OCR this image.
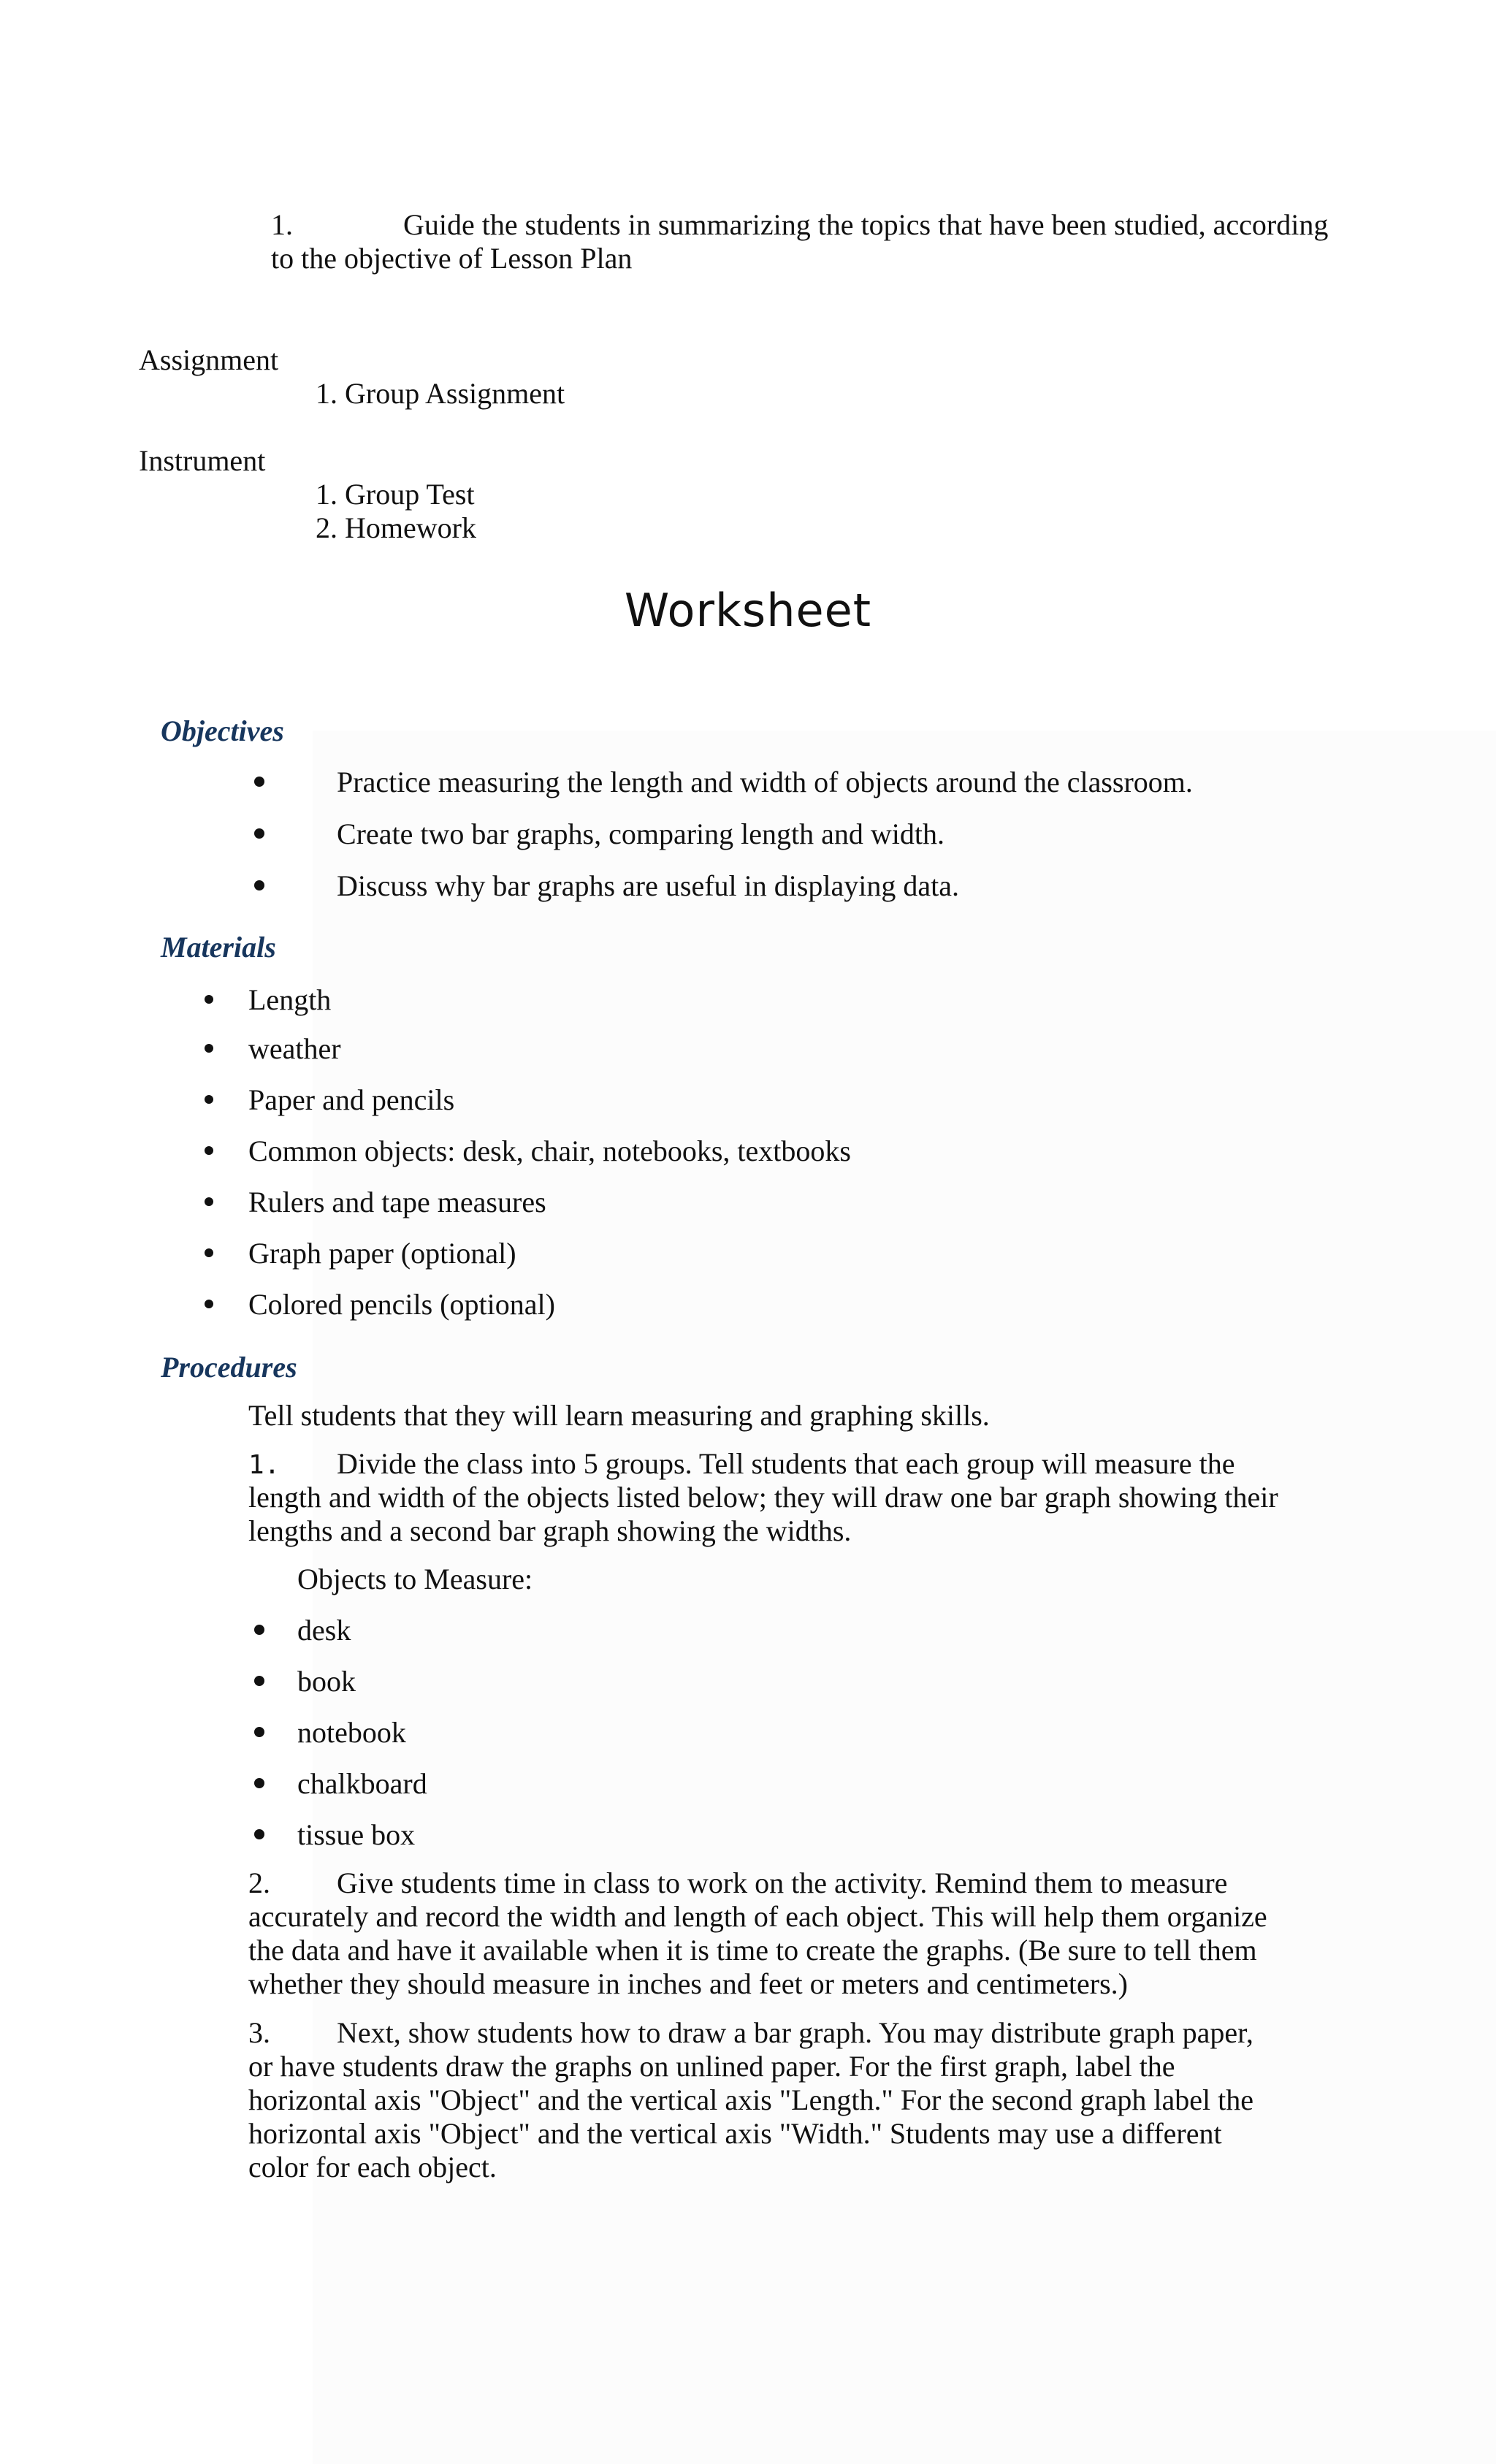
1.	Guide the students in summarizing the topics that have been studied, according
to the objective of Lesson Plan
Assignment
1. Group Assignment
Instrument
1. Group Test
2. Homework
Worksheet
Objectives
Practice measuring the length and width of objects around the classroom.
Create two bar graphs, comparing length and width.
Discuss why bar graphs are useful in displaying data.
Materials
Length
weather
Paper and pencils
Common objects: desk, chair, notebooks, textbooks
Rulers and tape measures
Graph paper (optional)
Colored pencils (optional)
Procedures
Tell students that they will learn measuring and graphing skills.
1. Divide the class into 5 groups. Tell students that each group will measure the
length and width of the objects listed below; they will draw one bar graph showing their
lengths and a second bar graph showing the widths.
Objects to Measure:
desk
book
notebook
chalkboard
tissue box
2. Give students time in class to work on the activity. Remind them to measure
accurately and record the width and length of each object. This will help them organize
the data and have it available when it is time to create the graphs. (Be sure to tell them
whether they should measure in inches and feet or meters and centimeters.)
3. Next, show students how to draw a bar graph. You may distribute graph paper,
or have students draw the graphs on unlined paper. For the first graph, label the
horizontal axis "Object" and the vertical axis "Length." For the second graph label the
horizontal axis "Object" and the vertical axis "Width." Students may use a different
color for each object.
